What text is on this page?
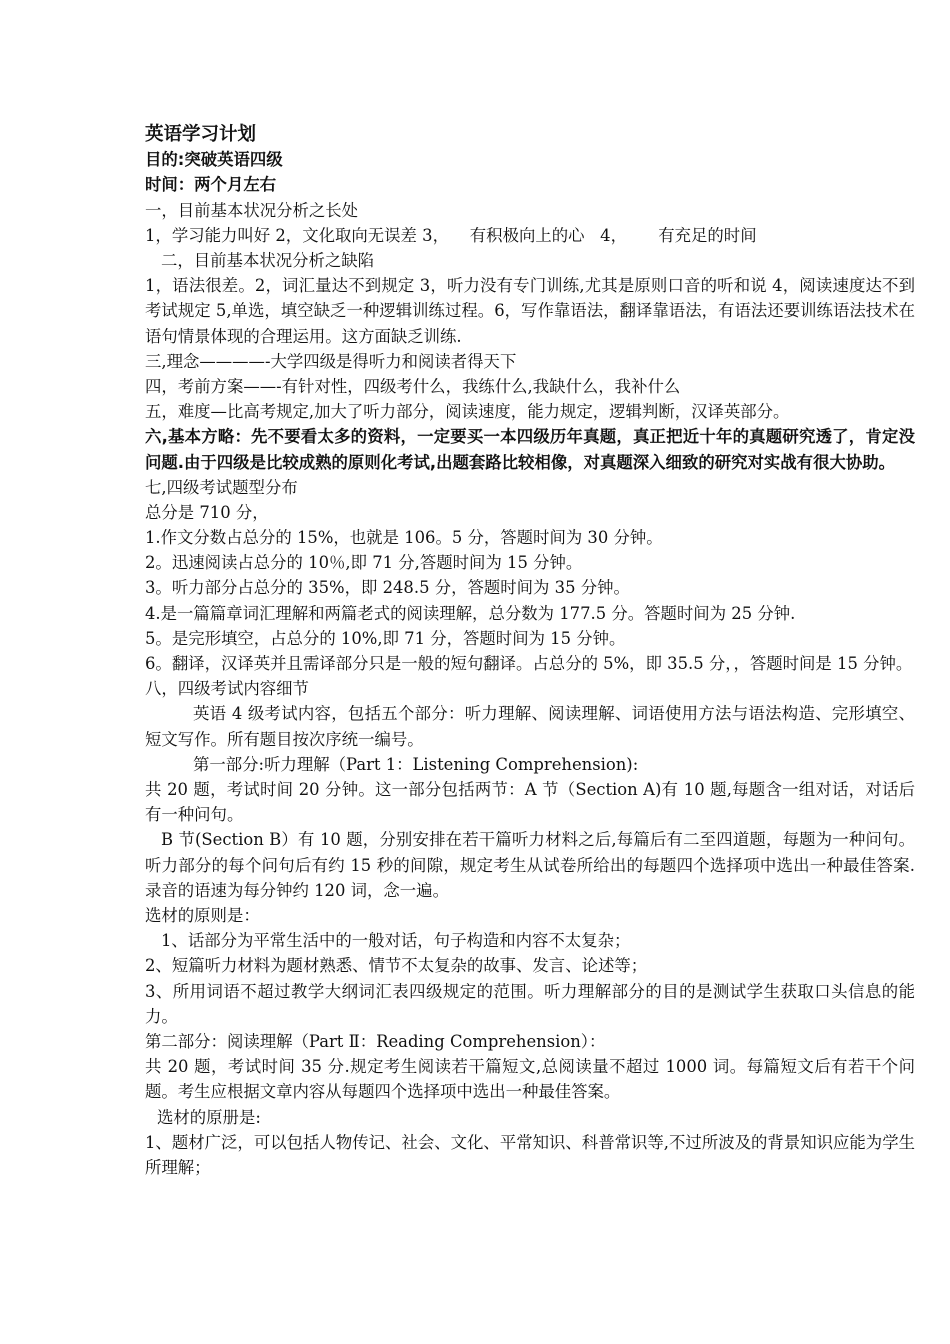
英语学习计划
目的:突破英语四级
时间：两个月左右
一，目前基本状况分析之长处
1，学习能力叫好 2，文化取向无误差 3，    有积极向上的心   4，      有充足的时间
二，目前基本状况分析之缺陷
1，语法很差。2，词汇量达不到规定 3，听力没有专门训练,尤其是原则口音的听和说 4，阅读速度达不到考试规定 5,单选，填空缺乏一种逻辑训练过程。6，写作靠语法，翻译靠语法，有语法还要训练语法技术在语句情景体现的合理运用。这方面缺乏训练.
三,理念————-大学四级是得听力和阅读者得天下
四，考前方案——-有针对性，四级考什么，我练什么,我缺什么，我补什么
五，难度—比高考规定,加大了听力部分，阅读速度，能力规定，逻辑判断，汉译英部分。
六,基本方略：先不要看太多的资料，一定要买一本四级历年真题，真正把近十年的真题研究透了，肯定没问题.由于四级是比较成熟的原则化考试,出题套路比较相像，对真题深入细致的研究对实战有很大协助。
七,四级考试题型分布
总分是 710 分，
1.作文分数占总分的 15%，也就是 106。5 分，答题时间为 30 分钟。
2。迅速阅读占总分的 10％,即 71 分,答题时间为 15 分钟。
3。听力部分占总分的 35%，即 248.5 分，答题时间为 35 分钟。
4.是一篇篇章词汇理解和两篇老式的阅读理解，总分数为 177.5 分。答题时间为 25 分钟.
5。是完形填空，占总分的 10%,即 71 分，答题时间为 15 分钟。
6。翻译，汉译英并且需译部分只是一般的短句翻译。占总分的 5%，即 35.5 分，，答题时间是 15 分钟。
八，四级考试内容细节
英语 4 级考试内容，包括五个部分：听力理解、阅读理解、词语使用方法与语法构造、完形填空、短文写作。所有题目按次序统一编号。
第一部分:听力理解（Part 1：Listening Comprehension):
共 20 题，考试时间 20 分钟。这一部分包括两节：A 节（Section A)有 10 题,每题含一组对话，对话后有一种问句。
B 节(Section B）有 10 题，分别安排在若干篇听力材料之后,每篇后有二至四道题，每题为一种问句。听力部分的每个问句后有约 15 秒的间隙，规定考生从试卷所给出的每题四个选择项中选出一种最佳答案.录音的语速为每分钟约 120 词，念一遍。
选材的原则是：
1、话部分为平常生活中的一般对话，句子构造和内容不太复杂；
2、短篇听力材料为题材熟悉、情节不太复杂的故事、发言、论述等；
3、所用词语不超过教学大纲词汇表四级规定的范围。听力理解部分的目的是测试学生获取口头信息的能力。
第二部分：阅读理解（Part Ⅱ：Reading Comprehension）：
共 20 题，考试时间 35 分.规定考生阅读若干篇短文,总阅读量不超过 1000 词。每篇短文后有若干个问题。考生应根据文章内容从每题四个选择项中选出一种最佳答案。
选材的原册是:
1、题材广泛，可以包括人物传记、社会、文化、平常知识、科普常识等,不过所波及的背景知识应能为学生所理解；
